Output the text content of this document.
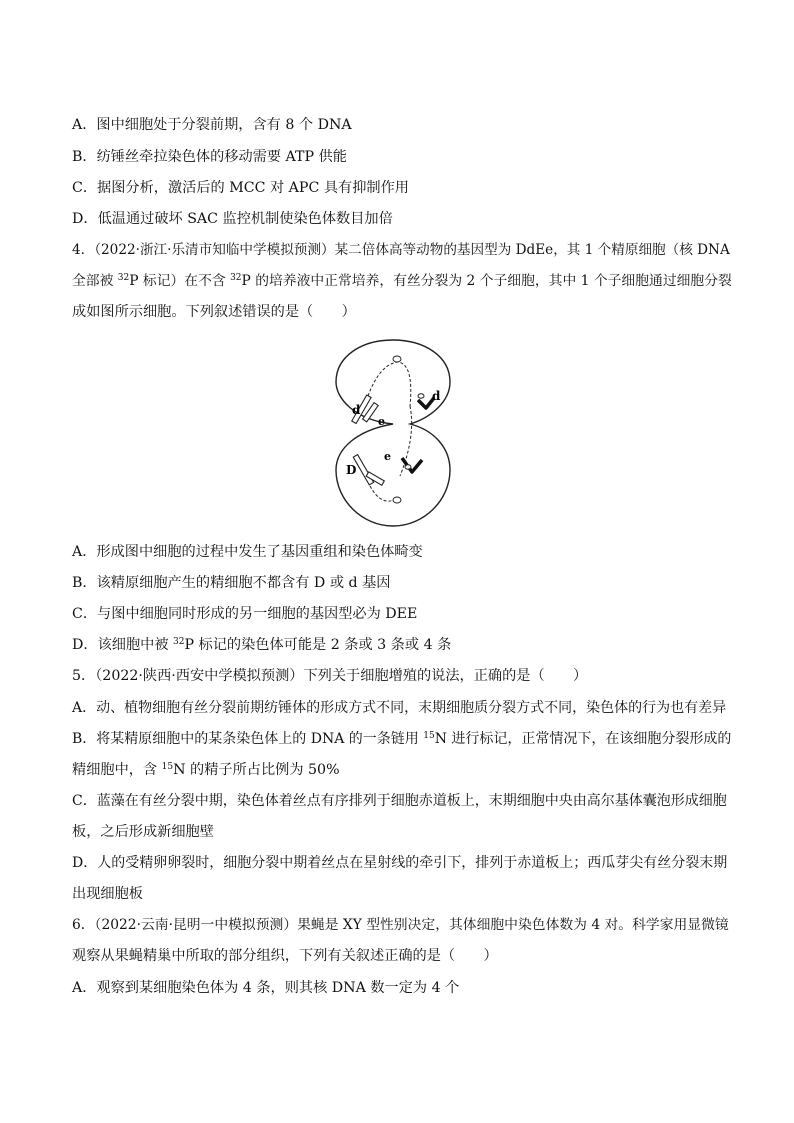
A．图中细胞处于分裂前期，含有 8 个 DNA
B．纺锤丝牵拉染色体的移动需要 ATP 供能
C．据图分析，激活后的 MCC 对 APC 具有抑制作用
D．低温通过破坏 SAC 监控机制使染色体数目加倍
4．（2022·浙江·乐清市知临中学模拟预测）某二倍体高等动物的基因型为 DdEe，其 1 个精原细胞（核 DNA
全部被 $^{32}$P 标记）在不含 $^{32}$P 的培养液中正常培养，有丝分裂为 2 个子细胞，其中 1 个子细胞通过细胞分裂
成如图所示细胞。下列叙述错误的是（　　）
d
e
d
D
e
A．形成图中细胞的过程中发生了基因重组和染色体畸变
B．该精原细胞产生的精细胞不都含有 D 或 d 基因
C．与图中细胞同时形成的另一细胞的基因型必为 DEE
D．该细胞中被 $^{32}$P 标记的染色体可能是 2 条或 3 条或 4 条
5．（2022·陕西·西安中学模拟预测）下列关于细胞增殖的说法，正确的是（　　）
A．动、植物细胞有丝分裂前期纺锤体的形成方式不同，末期细胞质分裂方式不同，染色体的行为也有差异
B．将某精原细胞中的某条染色体上的 DNA 的一条链用 $^{15}$N 进行标记，正常情况下，在该细胞分裂形成的
精细胞中，含 $^{15}$N 的精子所占比例为 50%
C．蓝藻在有丝分裂中期，染色体着丝点有序排列于细胞赤道板上，末期细胞中央由高尔基体囊泡形成细胞
板，之后形成新细胞壁
D．人的受精卵卵裂时，细胞分裂中期着丝点在星射线的牵引下，排列于赤道板上；西瓜芽尖有丝分裂末期
出现细胞板
6．（2022·云南·昆明一中模拟预测）果蝇是 XY 型性别决定，其体细胞中染色体数为 4 对。科学家用显微镜
观察从果蝇精巢中所取的部分组织，下列有关叙述正确的是（　　）
A．观察到某细胞染色体为 4 条，则其核 DNA 数一定为 4 个
